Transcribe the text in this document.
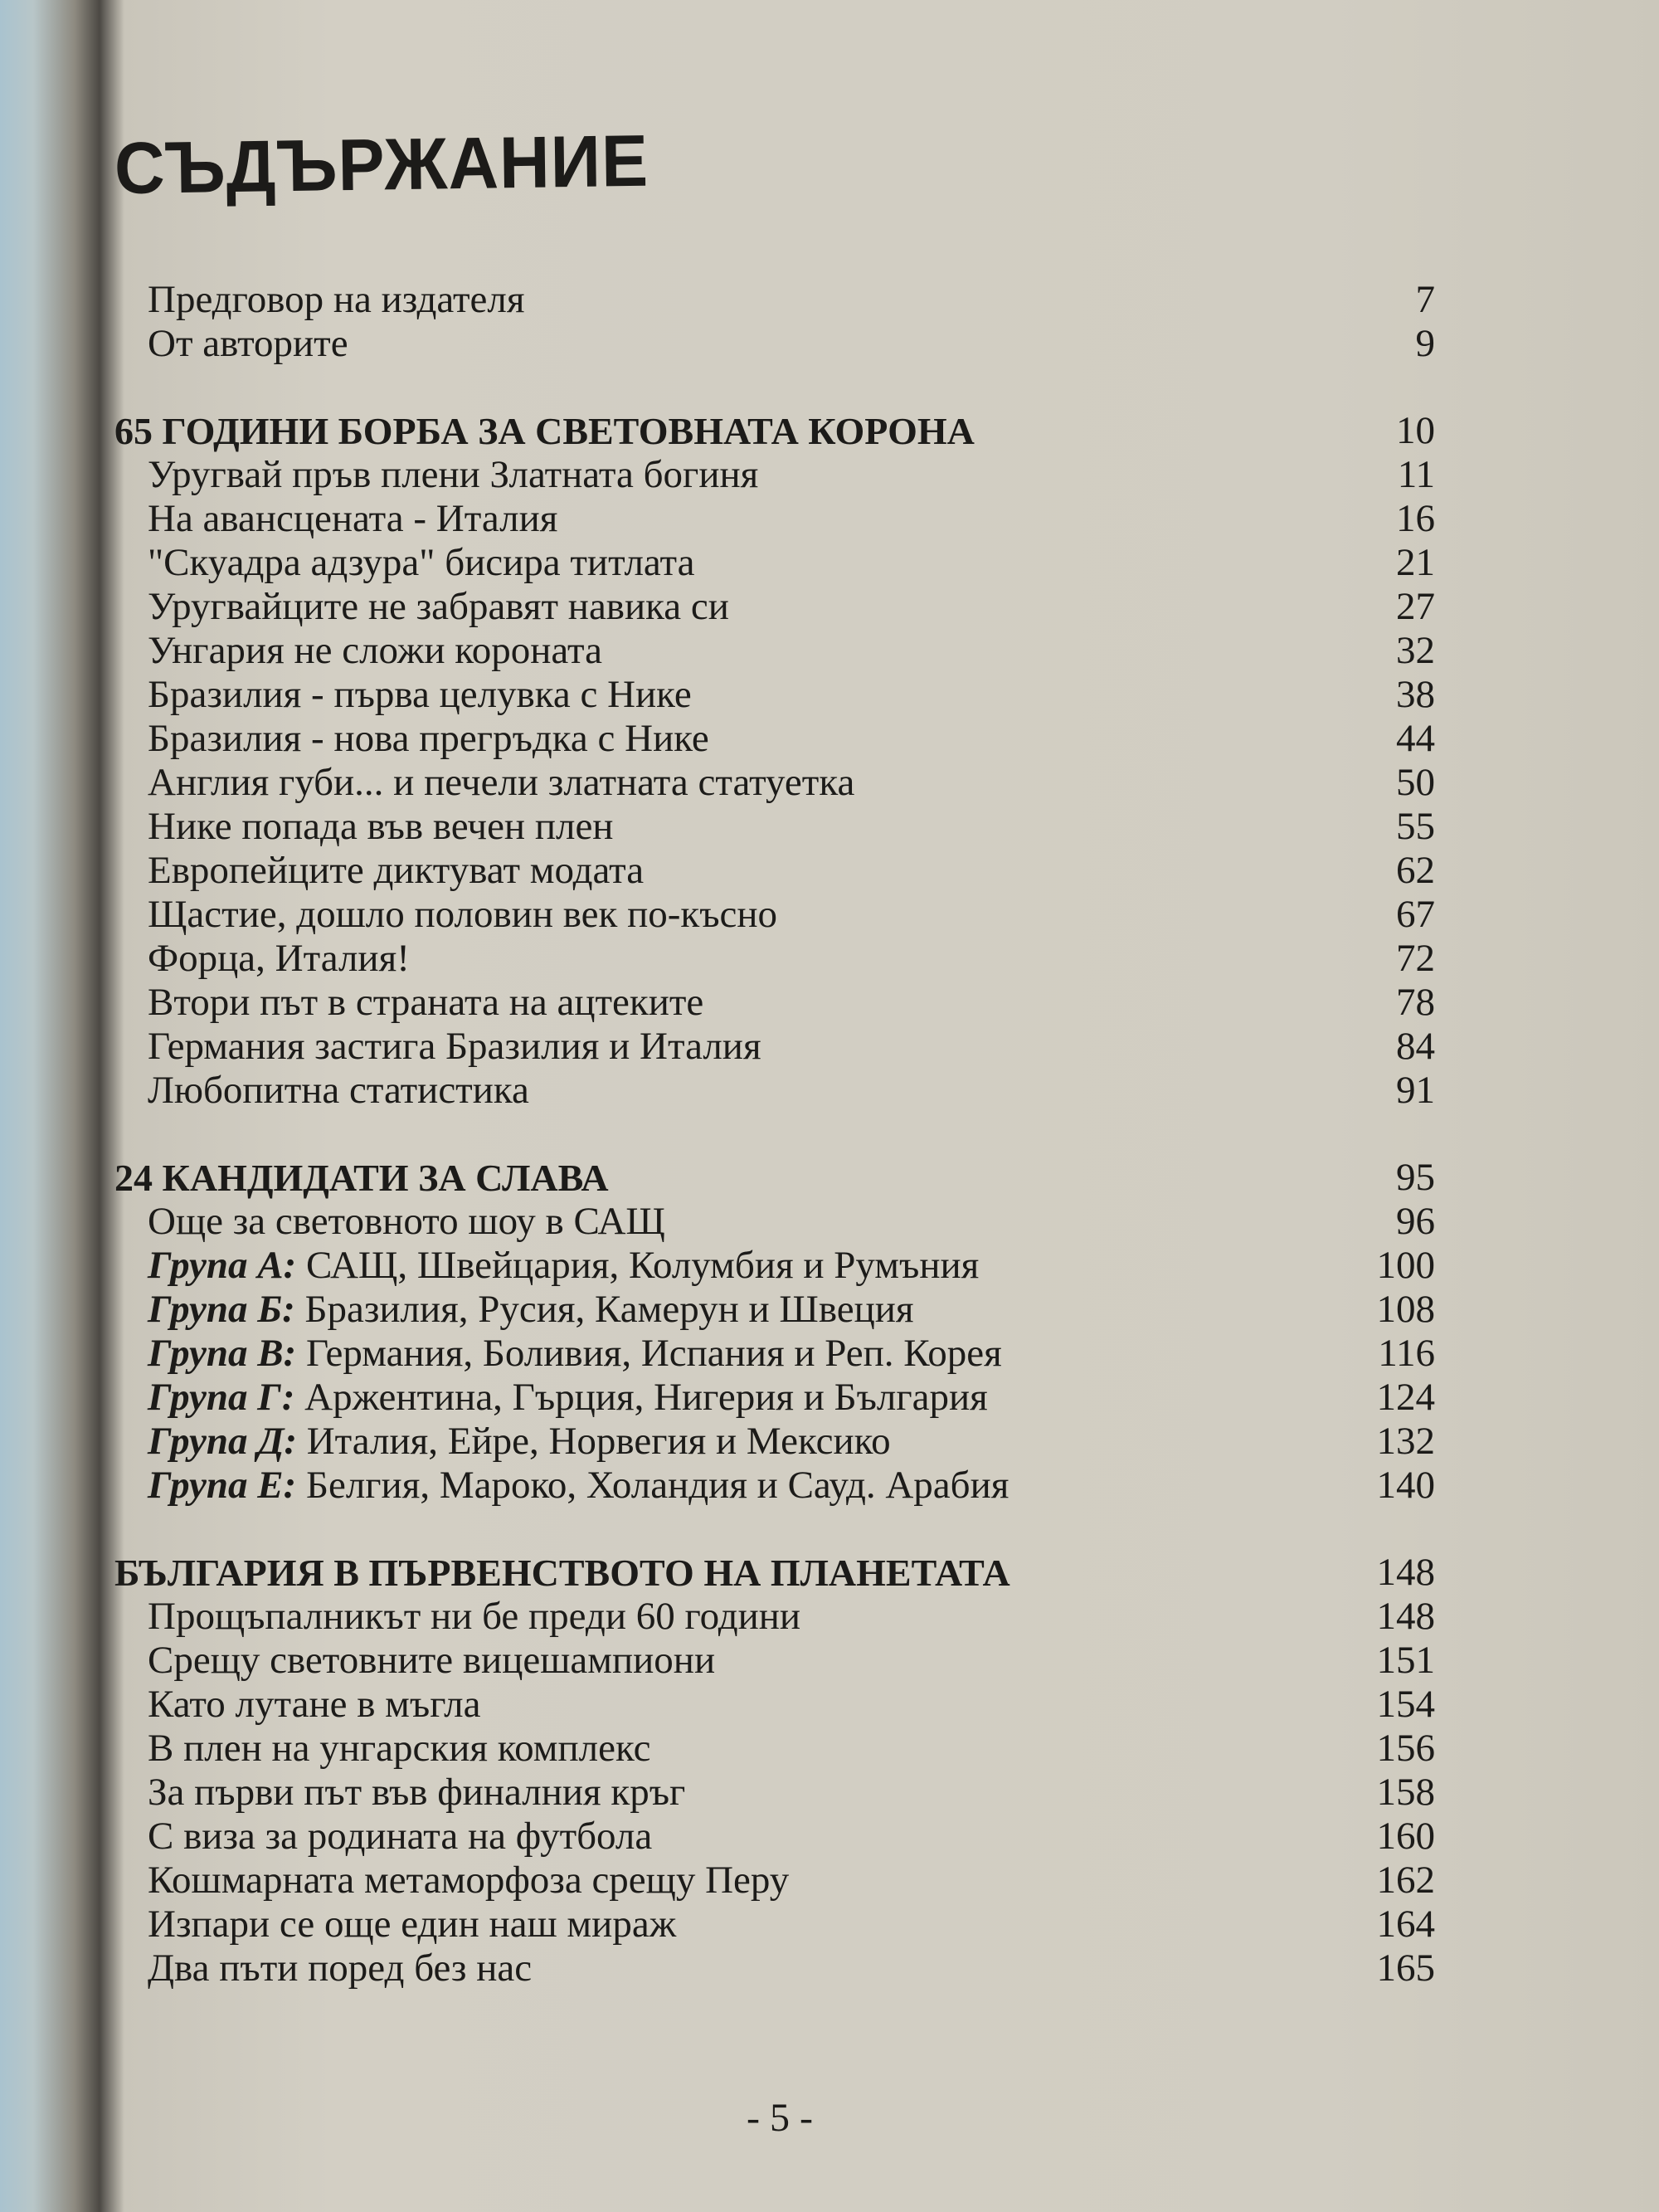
СЪДЪРЖАНИЕ
Предговор на издателя	7
От авторите	9
65 ГОДИНИ БОРБА ЗА СВЕТОВНАТА КОРОНА	10
Уругвай пръв плени Златната богиня	11
На авансцената - Италия	16
"Скуадра адзура" бисира титлата	21
Уругвайците не забравят навика си	27
Унгария не сложи короната	32
Бразилия - първа целувка с Нике	38
Бразилия - нова прегръдка с Нике	44
Англия губи... и печели златната статуетка	50
Нике попада във вечен плен	55
Европейците диктуват модата	62
Щастие, дошло половин век по-късно	67
Форца, Италия!	72
Втори път в страната на ацтеките	78
Германия застига Бразилия и Италия	84
Любопитна статистика	91
24 КАНДИДАТИ ЗА СЛАВА	95
Още за световното шоу в САЩ	96
Група А: САЩ, Швейцария, Колумбия и Румъния	100
Група Б: Бразилия, Русия, Камерун и Швеция	108
Група В: Германия, Боливия, Испания и Реп. Корея	116
Група Г: Аржентина, Гърция, Нигерия и България	124
Група Д: Италия, Ейре, Норвегия и Мексико	132
Група Е: Белгия, Мароко, Холандия и Сауд. Арабия	140
БЪЛГАРИЯ В ПЪРВЕНСТВОТО НА ПЛАНЕТАТА	148
Прощъпалникът ни бе преди 60 години	148
Срещу световните вицешампиони	151
Като лутане в мъгла	154
В плен на унгарския комплекс	156
За първи път във финалния кръг	158
С виза за родината на футбола	160
Кошмарната метаморфоза срещу Перу	162
Изпари се още един наш мираж	164
Два пъти поред без нас	165
- 5 -
